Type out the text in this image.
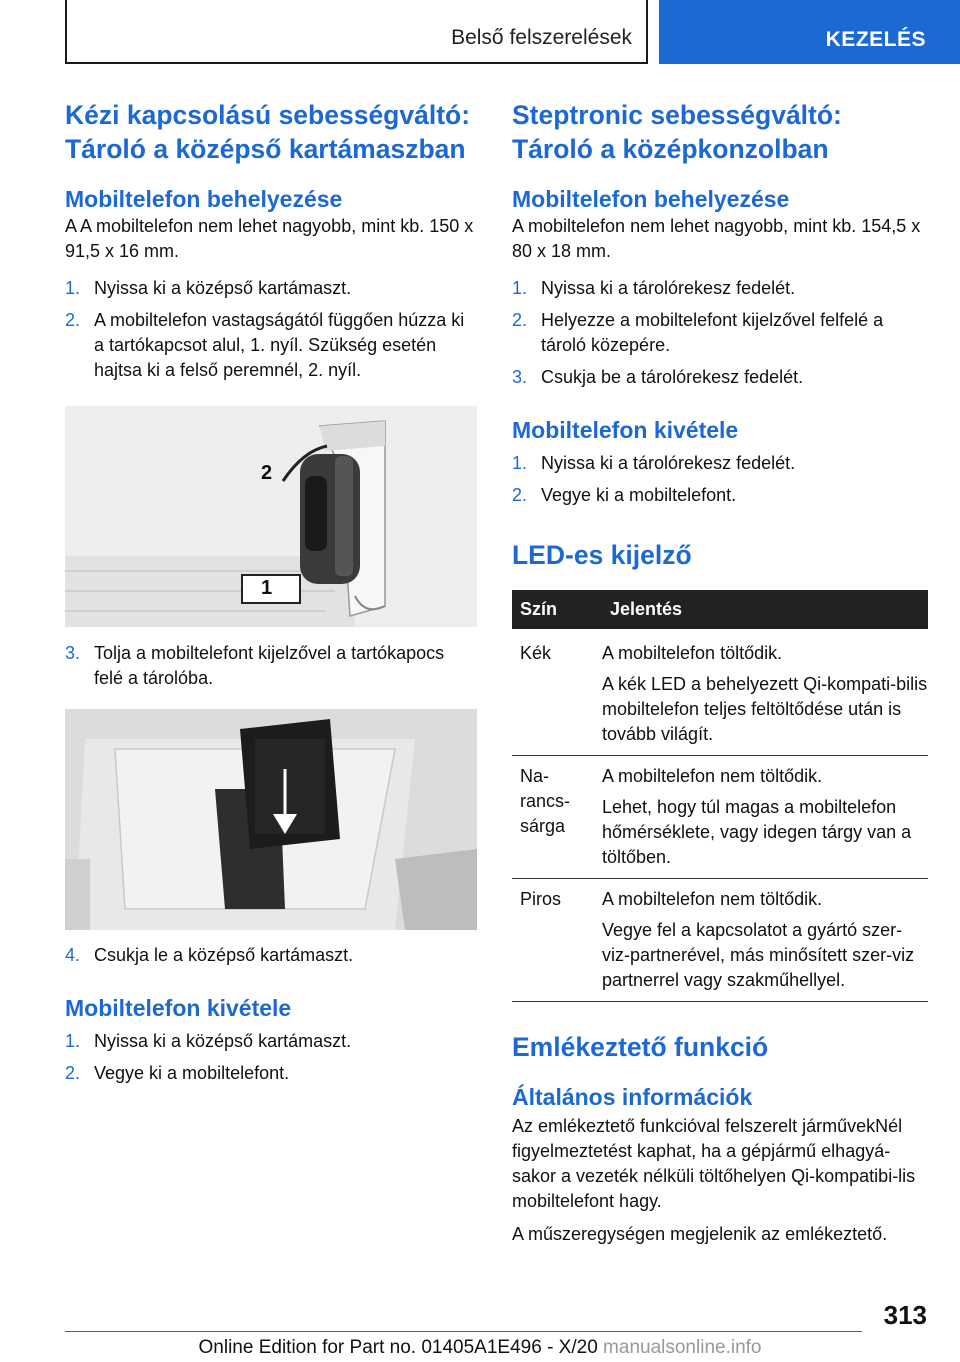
Belső felszerelések	KEZELÉS
Kézi kapcsolású sebességváltó: Tároló a középső kartámaszban
Mobiltelefon behelyezése

A A mobiltelefon nem lehet nagyobb, mint kb. 150 x 91,5 x 16 mm.

1. Nyissa ki a középső kartámaszt.
2. A mobiltelefon vastagságától függően húzza ki a tartókapcsot alul, 1. nyíl. Szükség esetén hajtsa ki a felső peremnél, 2. nyíl.
2
1
3. Tolja a mobiltelefont kijelzővel a tartókapocs felé a tárolóba.
4. Csukja le a középső kartámaszt.
Mobiltelefon kivétele
1. Nyissa ki a középső kartámaszt.
2. Vegye ki a mobiltelefont.
Steptronic sebességváltó: Tároló a középkonzolban
Mobiltelefon behelyezése

A mobiltelefon nem lehet nagyobb, mint kb. 154,5 x 80 x 18 mm.

1. Nyissa ki a tárolórekesz fedelét.
2. Helyezze a mobiltelefont kijelzővel felfelé a tároló közepére.
3. Csukja be a tárolórekesz fedelét.
Mobiltelefon kivétele
1. Nyissa ki a tárolórekesz fedelét.
2. Vegye ki a mobiltelefont.
LED-es kijelző
Szín	Jelentés
Kék	A mobiltelefon töltődik.

A kék LED a behelyezett Qi-kompati-bilis mobiltelefon teljes feltöltődése után is tovább világít.

Na-rancs-sárga	A mobiltelefon nem töltődik.

Lehet, hogy túl magas a mobiltelefon hőmérséklete, vagy idegen tárgy van a töltőben.

Piros	A mobiltelefon nem töltődik.

Vegye fel a kapcsolatot a gyártó szer-viz-partnerével, más minősített szer-viz partnerrel vagy szakműhellyel.

Emlékeztető funkció
Általános információk

Az emlékeztető funkcióval felszerelt járművekNél figyelmeztetést kaphat, ha a gépjármű elhagyá-sakor a vezeték nélküli töltőhelyen Qi-kompatibi-lis mobiltelefont hagy.

A műszeregységen megjelenik az emlékeztető.

313
Online Edition for Part no. 01405A1E496 - X/20 manualsonline.info
